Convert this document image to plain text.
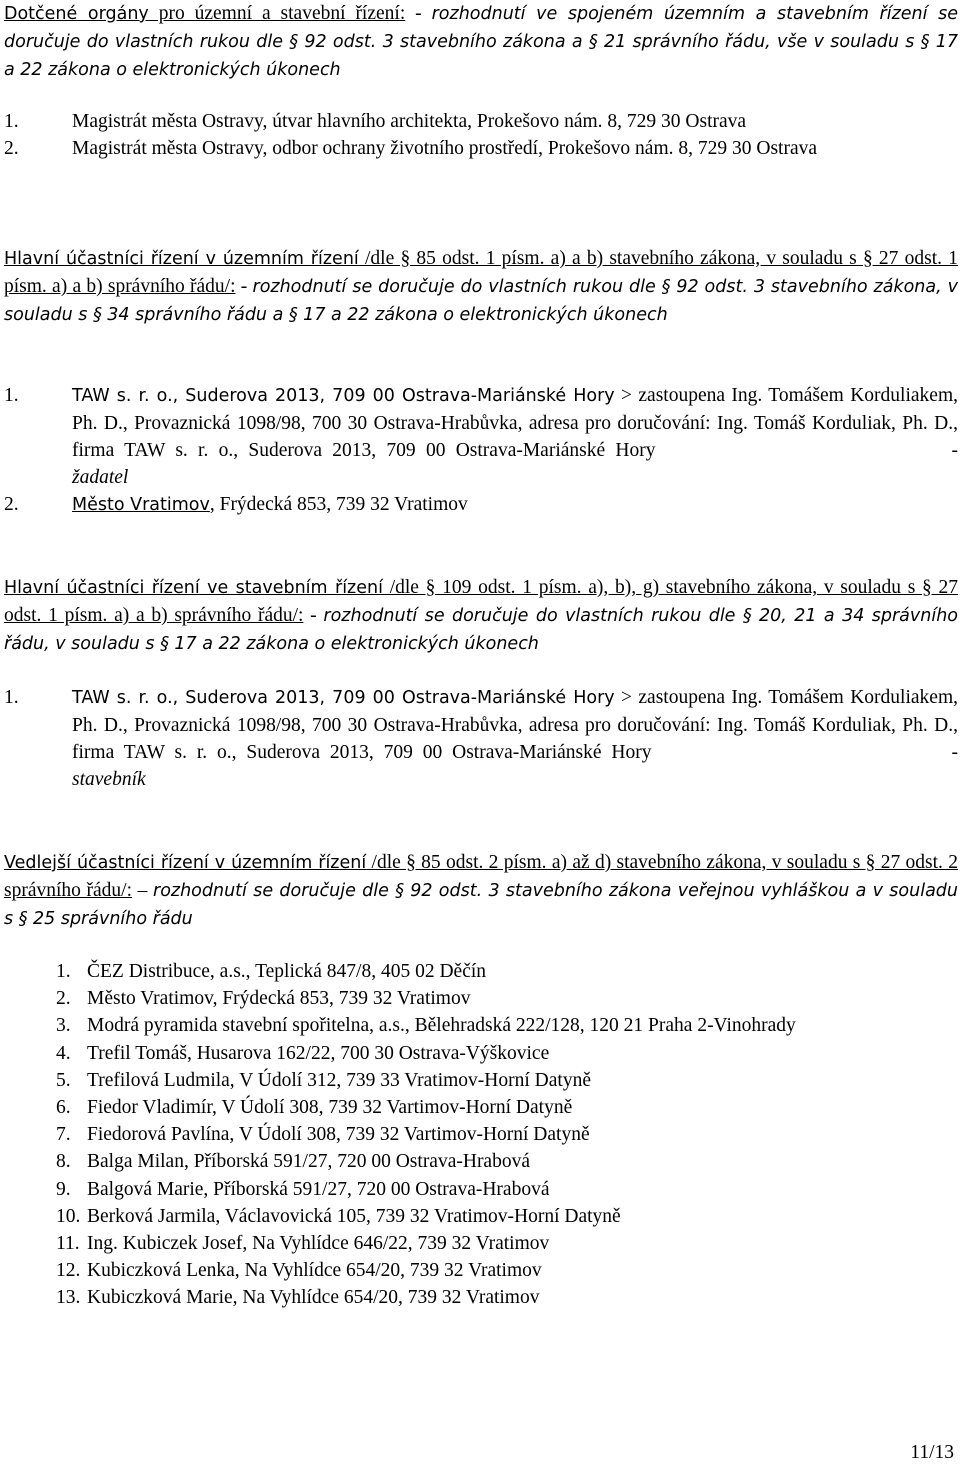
Dotčené orgány pro územní a stavební řízení: - rozhodnutí ve spojeném územním a stavebním řízení se doručuje do vlastních rukou dle § 92 odst. 3 stavebního zákona a § 21 správního řádu, vše v souladu s § 17 a 22 zákona o elektronických úkonech
1.	Magistrát města Ostravy, útvar hlavního architekta, Prokešovo nám. 8, 729 30 Ostrava
2.	Magistrát města Ostravy, odbor ochrany životního prostředí, Prokešovo nám. 8, 729 30 Ostrava
Hlavní účastníci řízení v územním řízení /dle § 85 odst. 1 písm. a) a b) stavebního zákona, v souladu s § 27 odst. 1 písm. a) a b) správního řádu/: - rozhodnutí se doručuje do vlastních rukou dle § 92 odst. 3 stavebního zákona, v souladu s § 34 správního řádu a § 17 a 22 zákona o elektronických úkonech
1.	TAW s. r. o., Suderova 2013, 709 00 Ostrava-Mariánské Hory > zastoupena Ing. Tomášem Korduliakem, Ph. D., Provaznická 1098/98, 700 30 Ostrava-Hrabůvka, adresa pro doručování: Ing. Tomáš Korduliak, Ph. D., firma TAW s. r. o., Suderova 2013, 709 00 Ostrava-Mariánské Hory	- žadatel
2.	Město Vratimov, Frýdecká 853, 739 32 Vratimov
Hlavní účastníci řízení ve stavebním řízení /dle § 109 odst. 1 písm. a), b), g) stavebního zákona, v souladu s § 27 odst. 1 písm. a) a b) správního řádu/: - rozhodnutí se doručuje do vlastních rukou dle § 20, 21 a 34 správního řádu, v souladu s § 17 a 22 zákona o elektronických úkonech
1.	TAW s. r. o., Suderova 2013, 709 00 Ostrava-Mariánské Hory > zastoupena Ing. Tomášem Korduliakem, Ph. D., Provaznická 1098/98, 700 30 Ostrava-Hrabůvka, adresa pro doručování: Ing. Tomáš Korduliak, Ph. D., firma TAW s. r. o., Suderova 2013, 709 00 Ostrava-Mariánské Hory	- stavebník
Vedlejší účastníci řízení v územním řízení /dle § 85 odst. 2 písm. a) až d) stavebního zákona, v souladu s § 27 odst. 2 správního řádu/: – rozhodnutí se doručuje dle § 92 odst. 3 stavebního zákona veřejnou vyhláškou a v souladu s § 25 správního řádu
1. ČEZ Distribuce, a.s., Teplická 847/8, 405 02 Děčín
2. Město Vratimov, Frýdecká 853, 739 32 Vratimov
3. Modrá pyramida stavební spořitelna, a.s., Bělehradská 222/128, 120 21 Praha 2-Vinohrady
4. Trefil Tomáš, Husarova 162/22, 700 30 Ostrava-Výškovice
5. Trefilová Ludmila, V Údolí 312, 739 33 Vratimov-Horní Datyně
6. Fiedor Vladimír, V Údolí 308, 739 32 Vartimov-Horní Datyně
7. Fiedorová Pavlína, V Údolí 308, 739 32 Vartimov-Horní Datyně
8. Balga Milan, Příborská 591/27, 720 00 Ostrava-Hrabová
9. Balgová Marie, Příborská 591/27, 720 00 Ostrava-Hrabová
10. Berková Jarmila, Václavovická 105, 739 32 Vratimov-Horní Datyně
11. Ing. Kubiczek Josef, Na Vyhlídce 646/22, 739 32 Vratimov
12. Kubiczková Lenka, Na Vyhlídce 654/20, 739 32 Vratimov
13. Kubiczková Marie, Na Vyhlídce 654/20, 739 32 Vratimov
11/13
